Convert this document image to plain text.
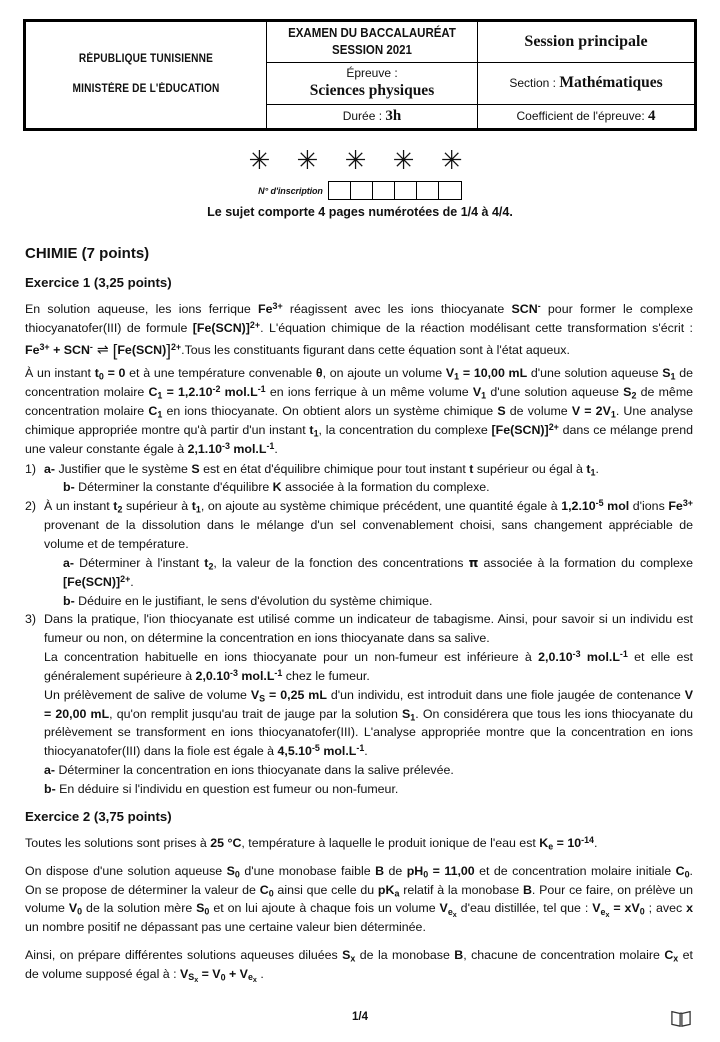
RÉPUBLIQUE TUNISIENNE
MINISTÈRE DE L'ÉDUCATION

EXAMEN DU BACCALAURÉAT
SESSION 2021	Session principale

	Épreuve :
Sciences physiques	Section : Mathématiques
	Durée : 3h	Coefficient de l'épreuve: 4
✳ ✳ ✳ ✳ ✳
N° d'inscription
Le sujet comporte 4 pages numérotées de 1/4 à 4/4.
CHIMIE (7 points)
Exercice 1 (3,25 points)

En solution aqueuse, les ions ferrique $Fe^{3+}$ réagissent avec les ions thiocyanate SCN- pour former le complexe thiocyanatofer(III) de formule $[Fe(SCN)]^{2+}$. L'équation chimique de la réaction modélisant cette transformation s'écrit : $Fe^{3+} + SCN^-$ ⇌ $[Fe(SCN)]^{2+}.Tous$ les constituants figurant dans cette équation sont à l'état aqueux.

À un instant $t_0 = 0$ et à une température convenable θ, on ajoute un volume $V_1 = 10,00$ mL d'une solution aqueuse $S_1$ de concentration molaire $C_1 = 1,2.10^{-2}$ $mol.L^{-1}$ en ions ferrique à un même volume $V_1$ d'une solution aqueuse $S_2$ de même concentration molaire $C_1$ en ions thiocyanate. On obtient alors un système chimique S de volume $V = 2V_1$. Une analyse chimique appropriée montre qu'à partir d'un instant $t_1$, la concentration du complexe $[Fe(SCN)]^{2+}$ dans ce mélange prend une valeur constante égale à $2,1.10^{-3}$ $mol.L^{-1}$.

1) a- Justifier que le système S est en état d'équilibre chimique pour tout instant t supérieur ou égal à $t_1$.
b- Déterminer la constante d'équilibre K associée à la formation du complexe.
2) À un instant $t_2$ supérieur à $t_1$, on ajoute au système chimique précédent, une quantité égale à $1,2.10^{-5}$ mol d'ions $Fe^{3+}$ provenant de la dissolution dans le mélange d'un sel convenablement choisi, sans changement appréciable de volume et de température.
a- Déterminer à l'instant $t_2$, la valeur de la fonction des concentrations π associée à la formation du complexe $[Fe(SCN)]^{2+}$.
b- Déduire en le justifiant, le sens d'évolution du système chimique.
3) Dans la pratique, l'ion thiocyanate est utilisé comme un indicateur de tabagisme. Ainsi, pour savoir si un individu est fumeur ou non, on détermine la concentration en ions thiocyanate dans sa salive.
La concentration habituelle en ions thiocyanate pour un non-fumeur est inférieure à $2,0.10^{-3}$ $mol.L^{-1}$ et elle est généralement supérieure à $2,0.10^{-3}$ $mol.L^{-1}$ chez le fumeur.
Un prélèvement de salive de volume $V_S = 0,25$ mL d'un individu, est introduit dans une fiole jaugée de contenance V = 20,00 mL, qu'on remplit jusqu'au trait de jauge par la solution $S_1$. On considérera que tous les ions thiocyanate du prélèvement se transforment en ions thiocyanatofer(III). L'analyse appropriée montre que la concentration en ions thiocyanatofer(III) dans la fiole est égale à $4,5.10^{-5}$ $mol.L^{-1}$.
a- Déterminer la concentration en ions thiocyanate dans la salive prélevée.
b- En déduire si l'individu en question est fumeur ou non-fumeur.
Exercice 2 (3,75 points)

Toutes les solutions sont prises à 25 °C, température à laquelle le produit ionique de l'eau est $K_e = 10^{-14}$.

On dispose d'une solution aqueuse $S_0$ d'une monobase faible B de $pH_0 = 11,00$ et de concentration molaire initiale $C_0$. On se propose de déterminer la valeur de $C_0$ ainsi que celle du $pK_a$ relatif à la monobase B. Pour ce faire, on prélève un volume $V_0$ de la solution mère $S_0$ et on lui ajoute à chaque fois un volume $V_{e_x}$ d'eau distillée, tel que : $V_{e_x} = xV_0$ ; avec x un nombre positif ne dépassant pas une certaine valeur bien déterminée.

Ainsi, on prépare différentes solutions aqueuses diluées $S_x$ de la monobase B, chacune de concentration molaire $C_x$ et de volume supposé égal à : $V_{S_x} = V_0 + V_{e_x}$ .

1/4
